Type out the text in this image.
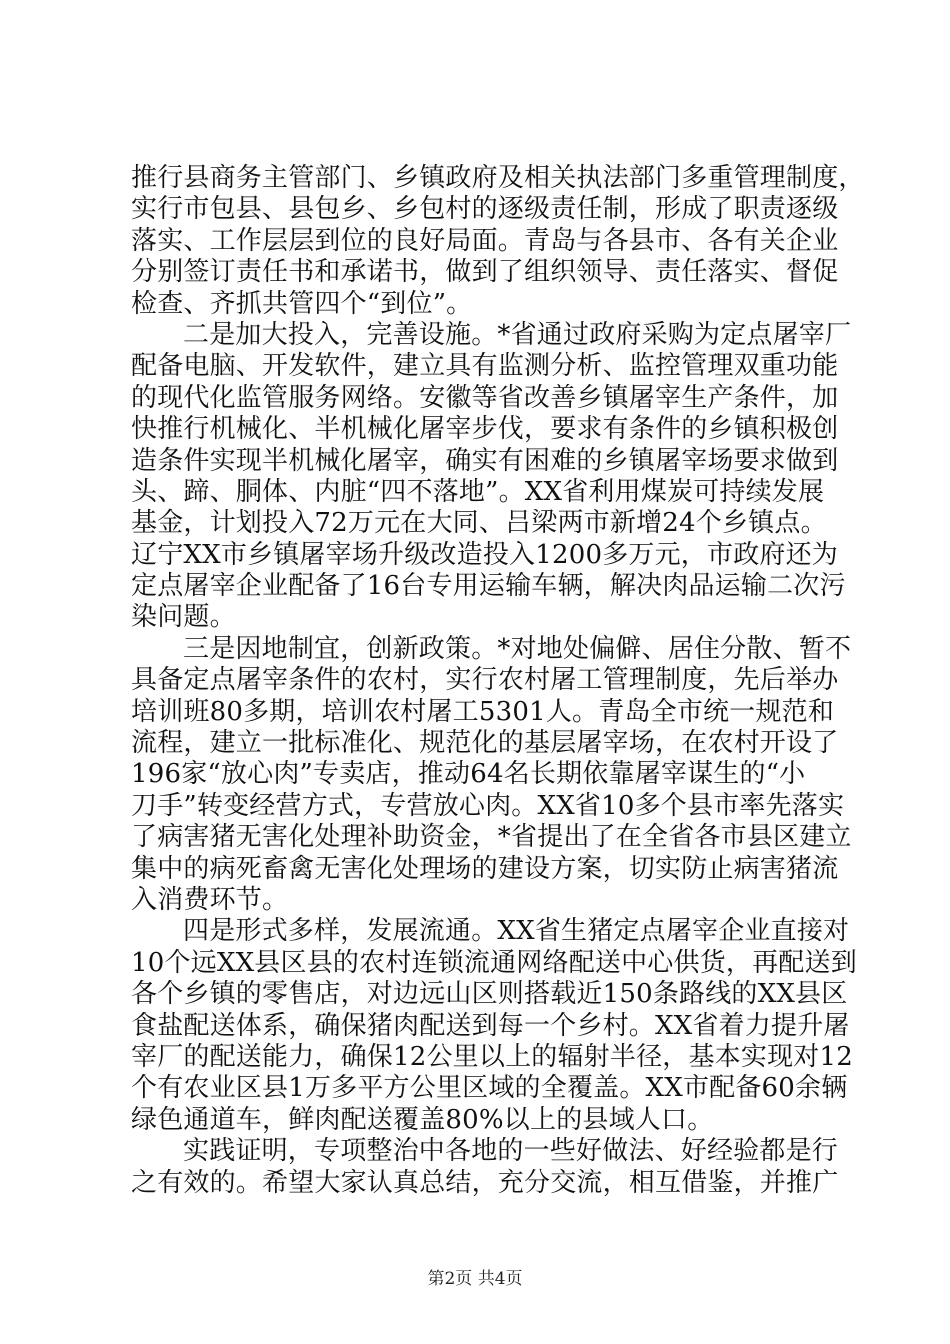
推行县商务主管部门、乡镇政府及相关执法部门多重管理制度，
实行市包县、县包乡、乡包村的逐级责任制，形成了职责逐级
落实、工作层层到位的良好局面。青岛与各县市、各有关企业
分别签订责任书和承诺书，做到了组织领导、责任落实、督促
检查、齐抓共管四个“到位”。
二是加大投入，完善设施。*省通过政府采购为定点屠宰厂
配备电脑、开发软件，建立具有监测分析、监控管理双重功能
的现代化监管服务网络。安徽等省改善乡镇屠宰生产条件，加
快推行机械化、半机械化屠宰步伐，要求有条件的乡镇积极创
造条件实现半机械化屠宰，确实有困难的乡镇屠宰场要求做到
头、蹄、胴体、内脏“四不落地”。XX省利用煤炭可持续发展
基金，计划投入72万元在大同、吕梁两市新增24个乡镇点。
辽宁XX市乡镇屠宰场升级改造投入1200多万元，市政府还为
定点屠宰企业配备了16台专用运输车辆，解决肉品运输二次污
染问题。
三是因地制宜，创新政策。*对地处偏僻、居住分散、暂不
具备定点屠宰条件的农村，实行农村屠工管理制度，先后举办
培训班80多期，培训农村屠工5301人。青岛全市统一规范和
流程，建立一批标准化、规范化的基层屠宰场，在农村开设了
196家“放心肉”专卖店，推动64名长期依靠屠宰谋生的“小
刀手”转变经营方式，专营放心肉。XX省10多个县市率先落实
了病害猪无害化处理补助资金，*省提出了在全省各市县区建立
集中的病死畜禽无害化处理场的建设方案，切实防止病害猪流
入消费环节。
四是形式多样，发展流通。XX省生猪定点屠宰企业直接对
10个远XX县区县的农村连锁流通网络配送中心供货，再配送到
各个乡镇的零售店，对边远山区则搭载近150条路线的XX县区
食盐配送体系，确保猪肉配送到每一个乡村。XX省着力提升屠
宰厂的配送能力，确保12公里以上的辐射半径，基本实现对12
个有农业区县1万多平方公里区域的全覆盖。XX市配备60余辆
绿色通道车，鲜肉配送覆盖80%以上的县域人口。
实践证明，专项整治中各地的一些好做法、好经验都是行
之有效的。希望大家认真总结，充分交流，相互借鉴，并推广
第2页 共4页
